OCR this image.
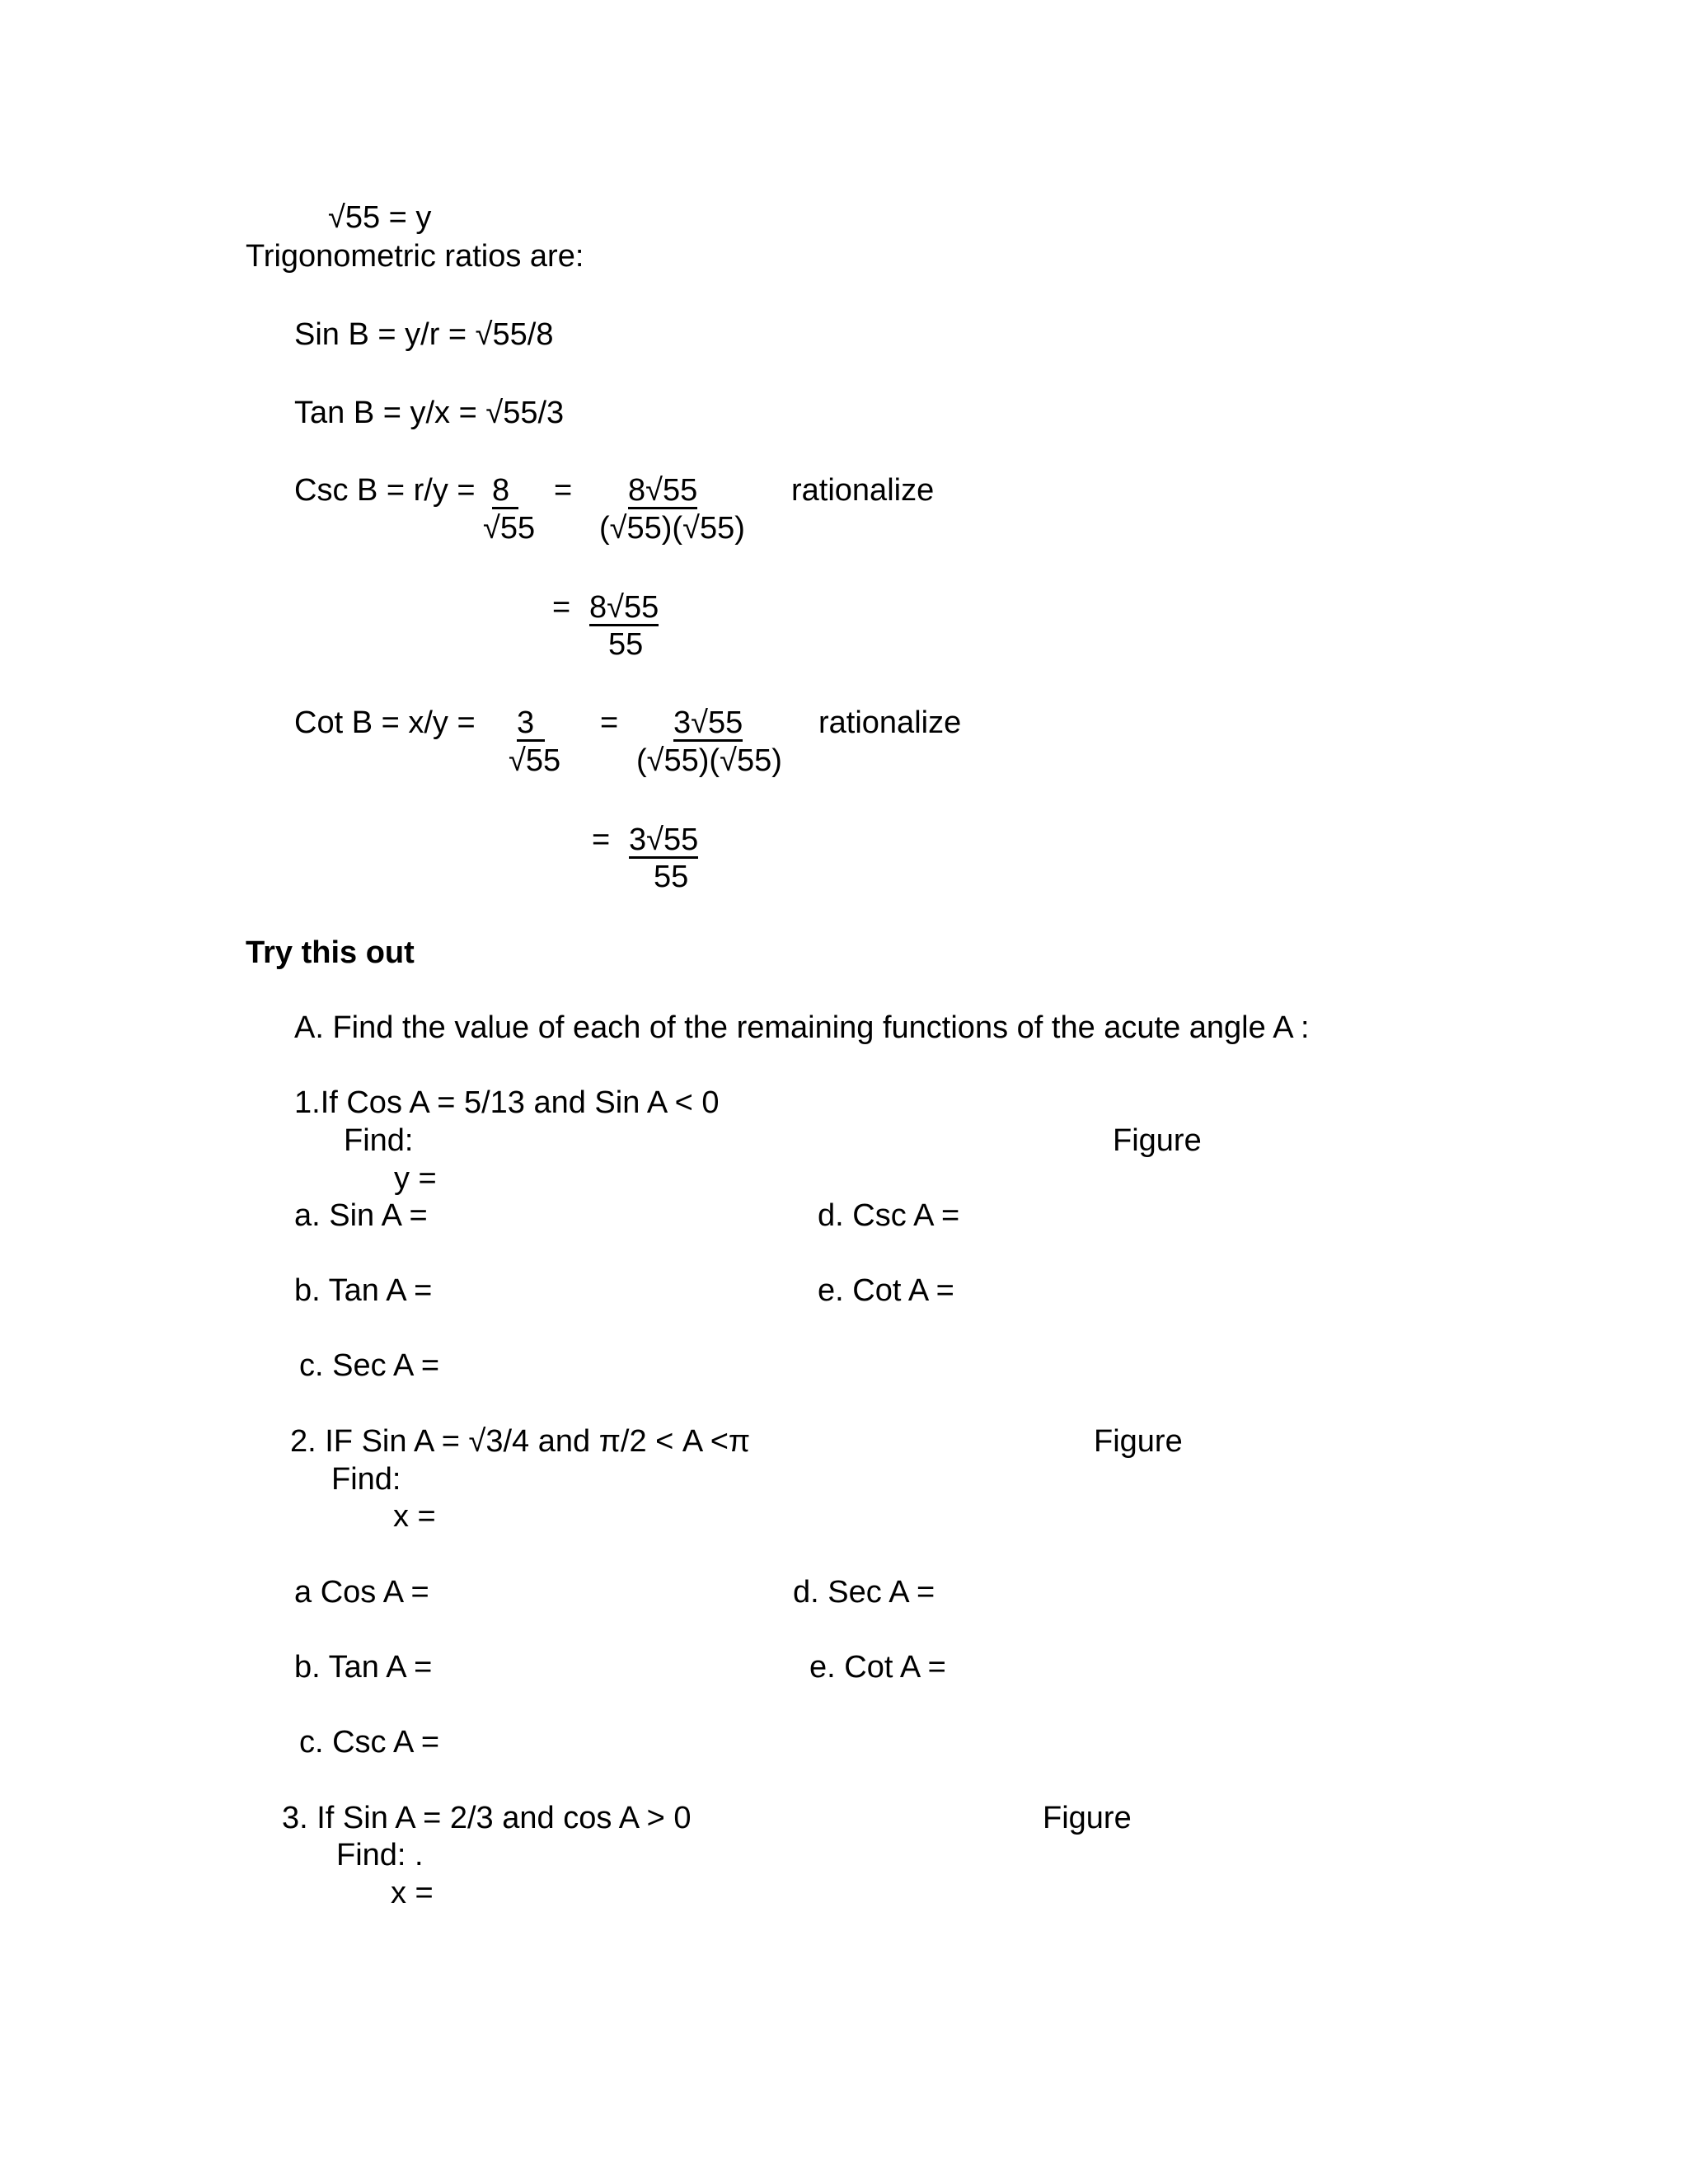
√55 = y
Trigonometric ratios are:
Sin B = y/r = √55/8
Tan B = y/x = √55/3
Csc B = r/y = 8
√55
= 8√55
(√55)(√55)
rationalize
= 8√55
55
Cot B = x/y = 3
√55
= 3√55
(√55)(√55)
rationalize
= 3√55
55
Try this out
A. Find the value of each of the remaining functions of the acute angle A :
1.If Cos A = 5/13 and Sin A < 0
Find:	Figure
y =
a. Sin A =	d. Csc A =
b. Tan A =	e. Cot A =
c. Sec A =
2. IF Sin A = √3/4 and π/2 < A <π
Find:
Figure
x =
a Cos A =	d. Sec A =
b. Tan A =	e. Cot A =
c. Csc A =
3. If Sin A = 2/3 and cos A > 0
Find: .
Figure
x =
